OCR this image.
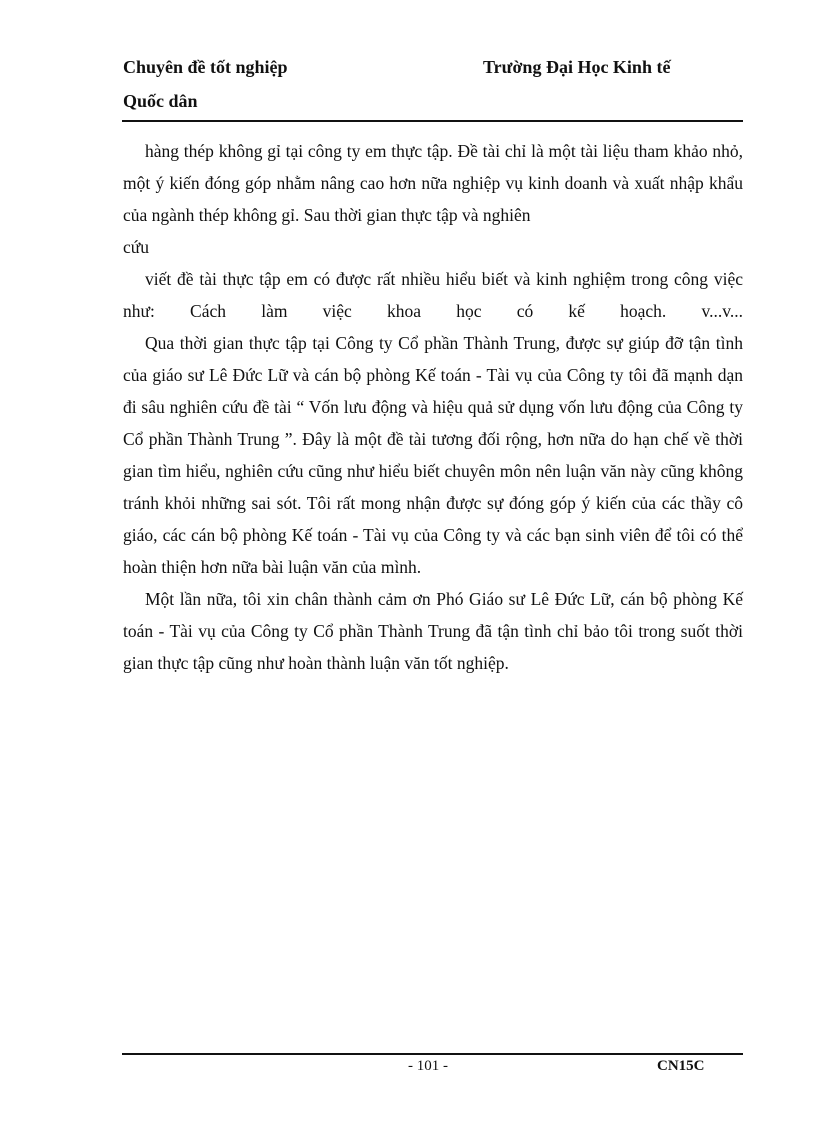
Chuyên đề tốt nghiệp
Quốc dân
Trường Đại Học Kinh tế

hàng thép không gỉ tại công ty em thực tập. Đề tài chỉ là một tài liệu tham khảo nhỏ, một ý kiến đóng góp nhằm nâng cao hơn nữa nghiệp vụ kinh doanh và xuất nhập khẩu của ngành thép không gỉ. Sau thời gian thực tập và nghiên

cứu

viết đề tài thực tập em có được rất nhiều hiểu biết và kinh nghiệm trong công việc như: Cách làm việc khoa học có kế hoạch. v...v...

Qua thời gian thực tập tại Công ty Cổ phần Thành Trung, được sự giúp đỡ tận tình của giáo sư Lê Đức Lữ và cán bộ phòng Kế toán - Tài vụ của Công ty tôi đã mạnh dạn đi sâu nghiên cứu đề tài “ Vốn lưu động và hiệu quả sử dụng vốn lưu động của Công ty Cổ phần Thành Trung ”. Đây là một đề tài tương đối rộng, hơn nữa do hạn chế về thời gian tìm hiểu, nghiên cứu cũng như hiểu biết chuyên môn nên luận văn này cũng không tránh khỏi những sai sót. Tôi rất mong nhận được sự đóng góp ý kiến của các thầy cô giáo, các cán bộ phòng Kế toán - Tài vụ của Công ty và các bạn sinh viên để tôi có thể hoàn thiện hơn nữa bài luận văn của mình.

Một lần nữa, tôi xin chân thành cảm ơn Phó Giáo sư Lê Đức Lữ, cán bộ phòng Kế toán - Tài vụ của Công ty Cổ phần Thành Trung đã tận tình chỉ bảo tôi trong suốt thời gian thực tập cũng như hoàn thành luận văn tốt nghiệp.

- 101 -	CN15C
